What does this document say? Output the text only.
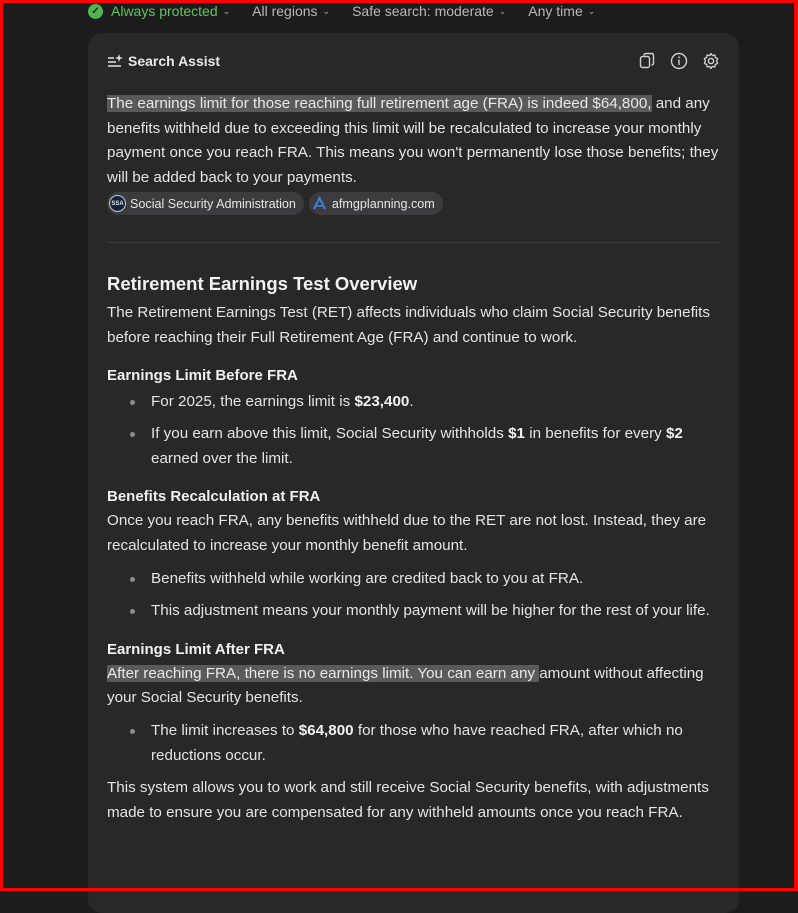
✓ Always protected ⌄ All regions ⌄ Safe search: moderate ⌄ Any time ⌄
Search Assist

The earnings limit for those reaching full retirement age (FRA) is indeed $64,800, and any benefits withheld due to exceeding this limit will be recalculated to increase your monthly payment once you reach FRA. This means you won't permanently lose those benefits; they will be added back to your payments.

SSA Social Security Administration	afmgplanning.com
Retirement Earnings Test Overview

The Retirement Earnings Test (RET) affects individuals who claim Social Security benefits before reaching their Full Retirement Age (FRA) and continue to work.

Earnings Limit Before FRA
For 2025, the earnings limit is $23,400.
If you earn above this limit, Social Security withholds $1 in benefits for every $2 earned over the limit.
Benefits Recalculation at FRA

Once you reach FRA, any benefits withheld due to the RET are not lost. Instead, they are recalculated to increase your monthly benefit amount.

Benefits withheld while working are credited back to you at FRA.
This adjustment means your monthly payment will be higher for the rest of your life.
Earnings Limit After FRA

After reaching FRA, there is no earnings limit. You can earn any amount without affecting your Social Security benefits.

The limit increases to $64,800 for those who have reached FRA, after which no reductions occur.

This system allows you to work and still receive Social Security benefits, with adjustments made to ensure you are compensated for any withheld amounts once you reach FRA.
